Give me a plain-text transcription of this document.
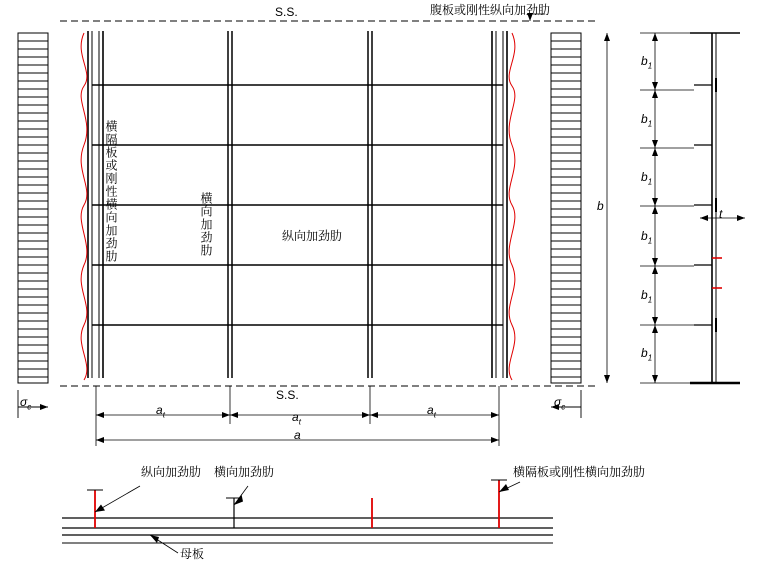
S.S.
S.S.
腹板或刚性纵向加劲肋
横隔板或刚性横向加劲肋	横向加劲肋	纵向加劲肋
$\sigma_c$	$\sigma_c$
$a_t$	$a_t$
$a_t$
a
b
t
$b_1$
$b_1$
$b_1$
$b_1$
$b_1$
$b_1$
纵向加劲肋 横向加劲肋	横隔板或刚性横向加劲肋
母板
